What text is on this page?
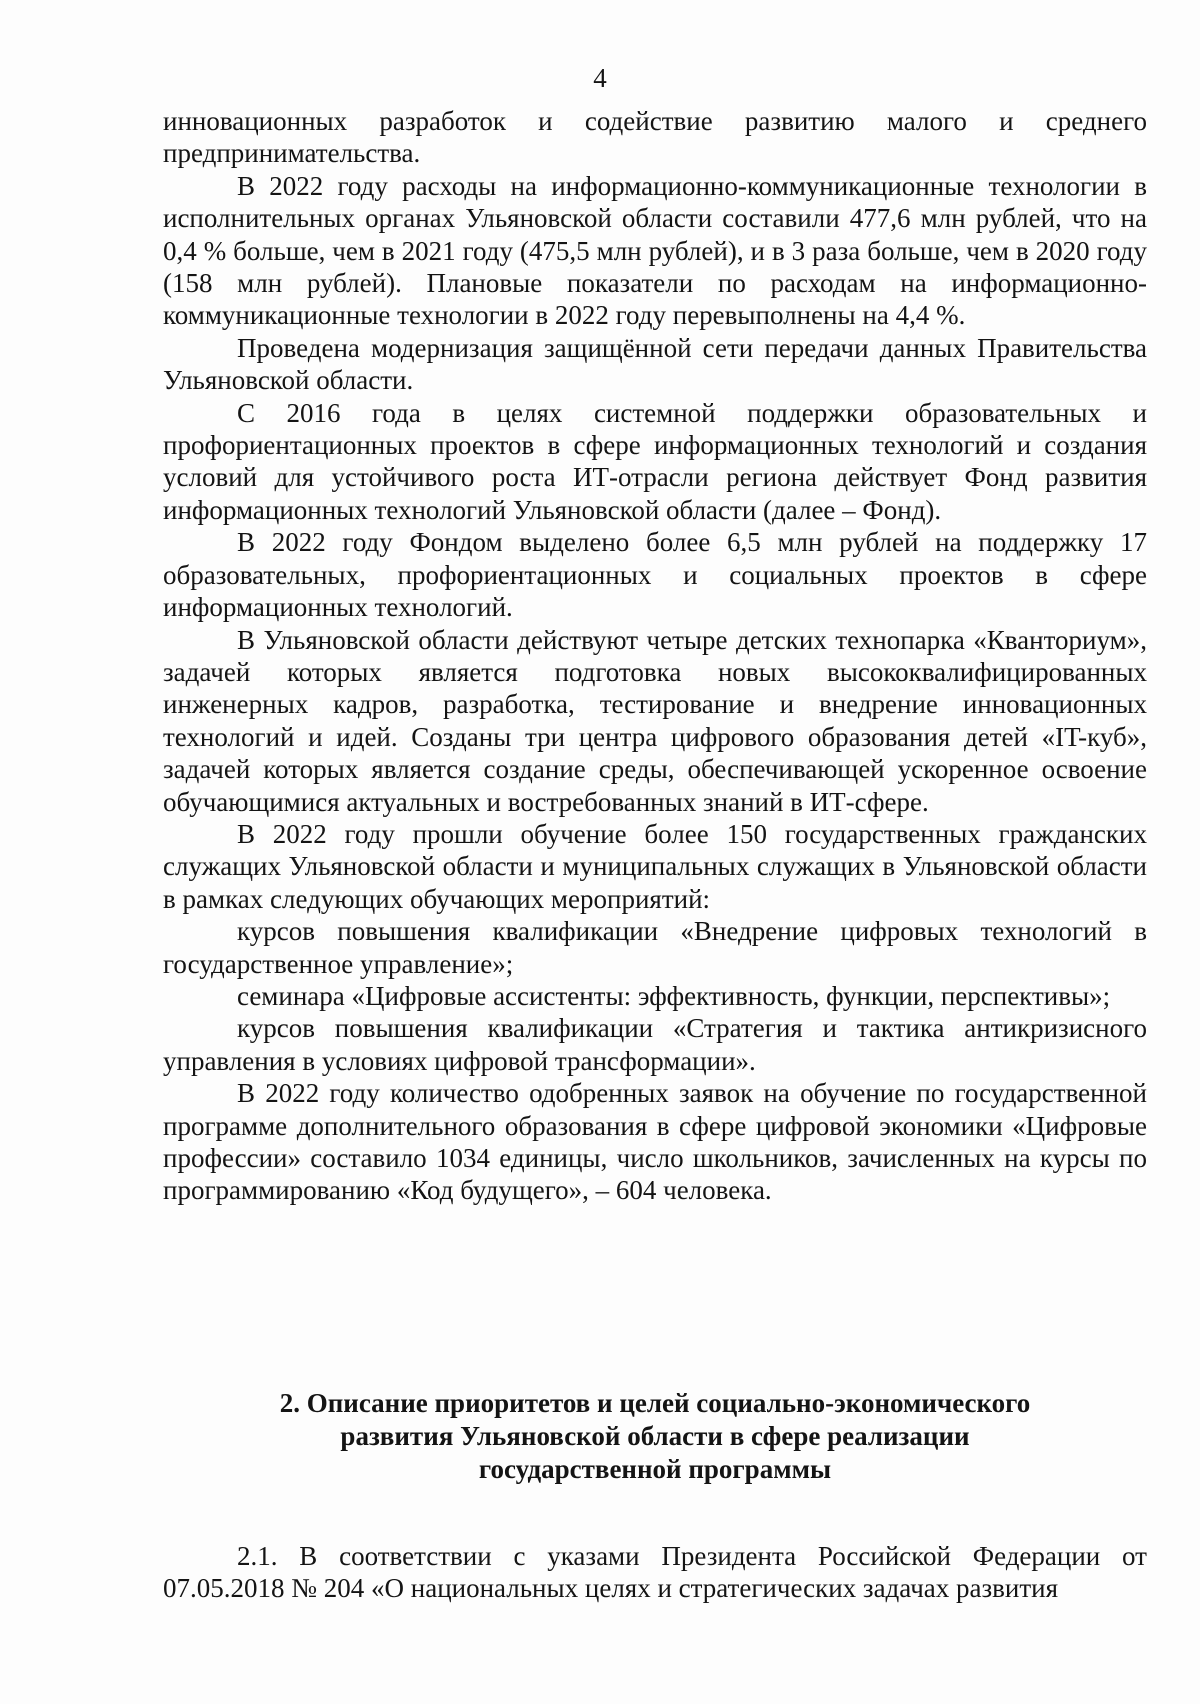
4

инновационных разработок и содействие развитию малого и среднего предпринимательства.

В 2022 году расходы на информационно-коммуникационные технологии в исполнительных органах Ульяновской области составили 477,6 млн рублей, что на 0,4 % больше, чем в 2021 году (475,5 млн рублей), и в 3 раза больше, чем в 2020 году (158 млн рублей). Плановые показатели по расходам на информационно-коммуникационные технологии в 2022 году перевыполнены на 4,4 %.

Проведена модернизация защищённой сети передачи данных Правительства Ульяновской области.

С 2016 года в целях системной поддержки образовательных и профориентационных проектов в сфере информационных технологий и создания условий для устойчивого роста ИТ-отрасли региона действует Фонд развития информационных технологий Ульяновской области (далее – Фонд).

В 2022 году Фондом выделено более 6,5 млн рублей на поддержку 17 образовательных, профориентационных и социальных проектов в сфере информационных технологий.

В Ульяновской области действуют четыре детских технопарка «Кванториум», задачей которых является подготовка новых высококвалифицированных инженерных кадров, разработка, тестирование и внедрение инновационных технологий и идей. Созданы три центра цифрового образования детей «IT-куб», задачей которых является создание среды, обеспечивающей ускоренное освоение обучающимися актуальных и востребованных знаний в ИТ-сфере.

В 2022 году прошли обучение более 150 государственных гражданских служащих Ульяновской области и муниципальных служащих в Ульяновской области в рамках следующих обучающих мероприятий:

курсов повышения квалификации «Внедрение цифровых технологий в государственное управление»;

семинара «Цифровые ассистенты: эффективность, функции, перспективы»;

курсов повышения квалификации «Стратегия и тактика антикризисного управления в условиях цифровой трансформации».

В 2022 году количество одобренных заявок на обучение по государственной программе дополнительного образования в сфере цифровой экономики «Цифровые профессии» составило 1034 единицы, число школьников, зачисленных на курсы по программированию «Код будущего», – 604 человека.

2. Описание приоритетов и целей социально-экономического
развития Ульяновской области в сфере реализации
государственной программы

2.1. В соответствии с указами Президента Российской Федерации от 07.05.2018 № 204 «О национальных целях и стратегических задачах развития
